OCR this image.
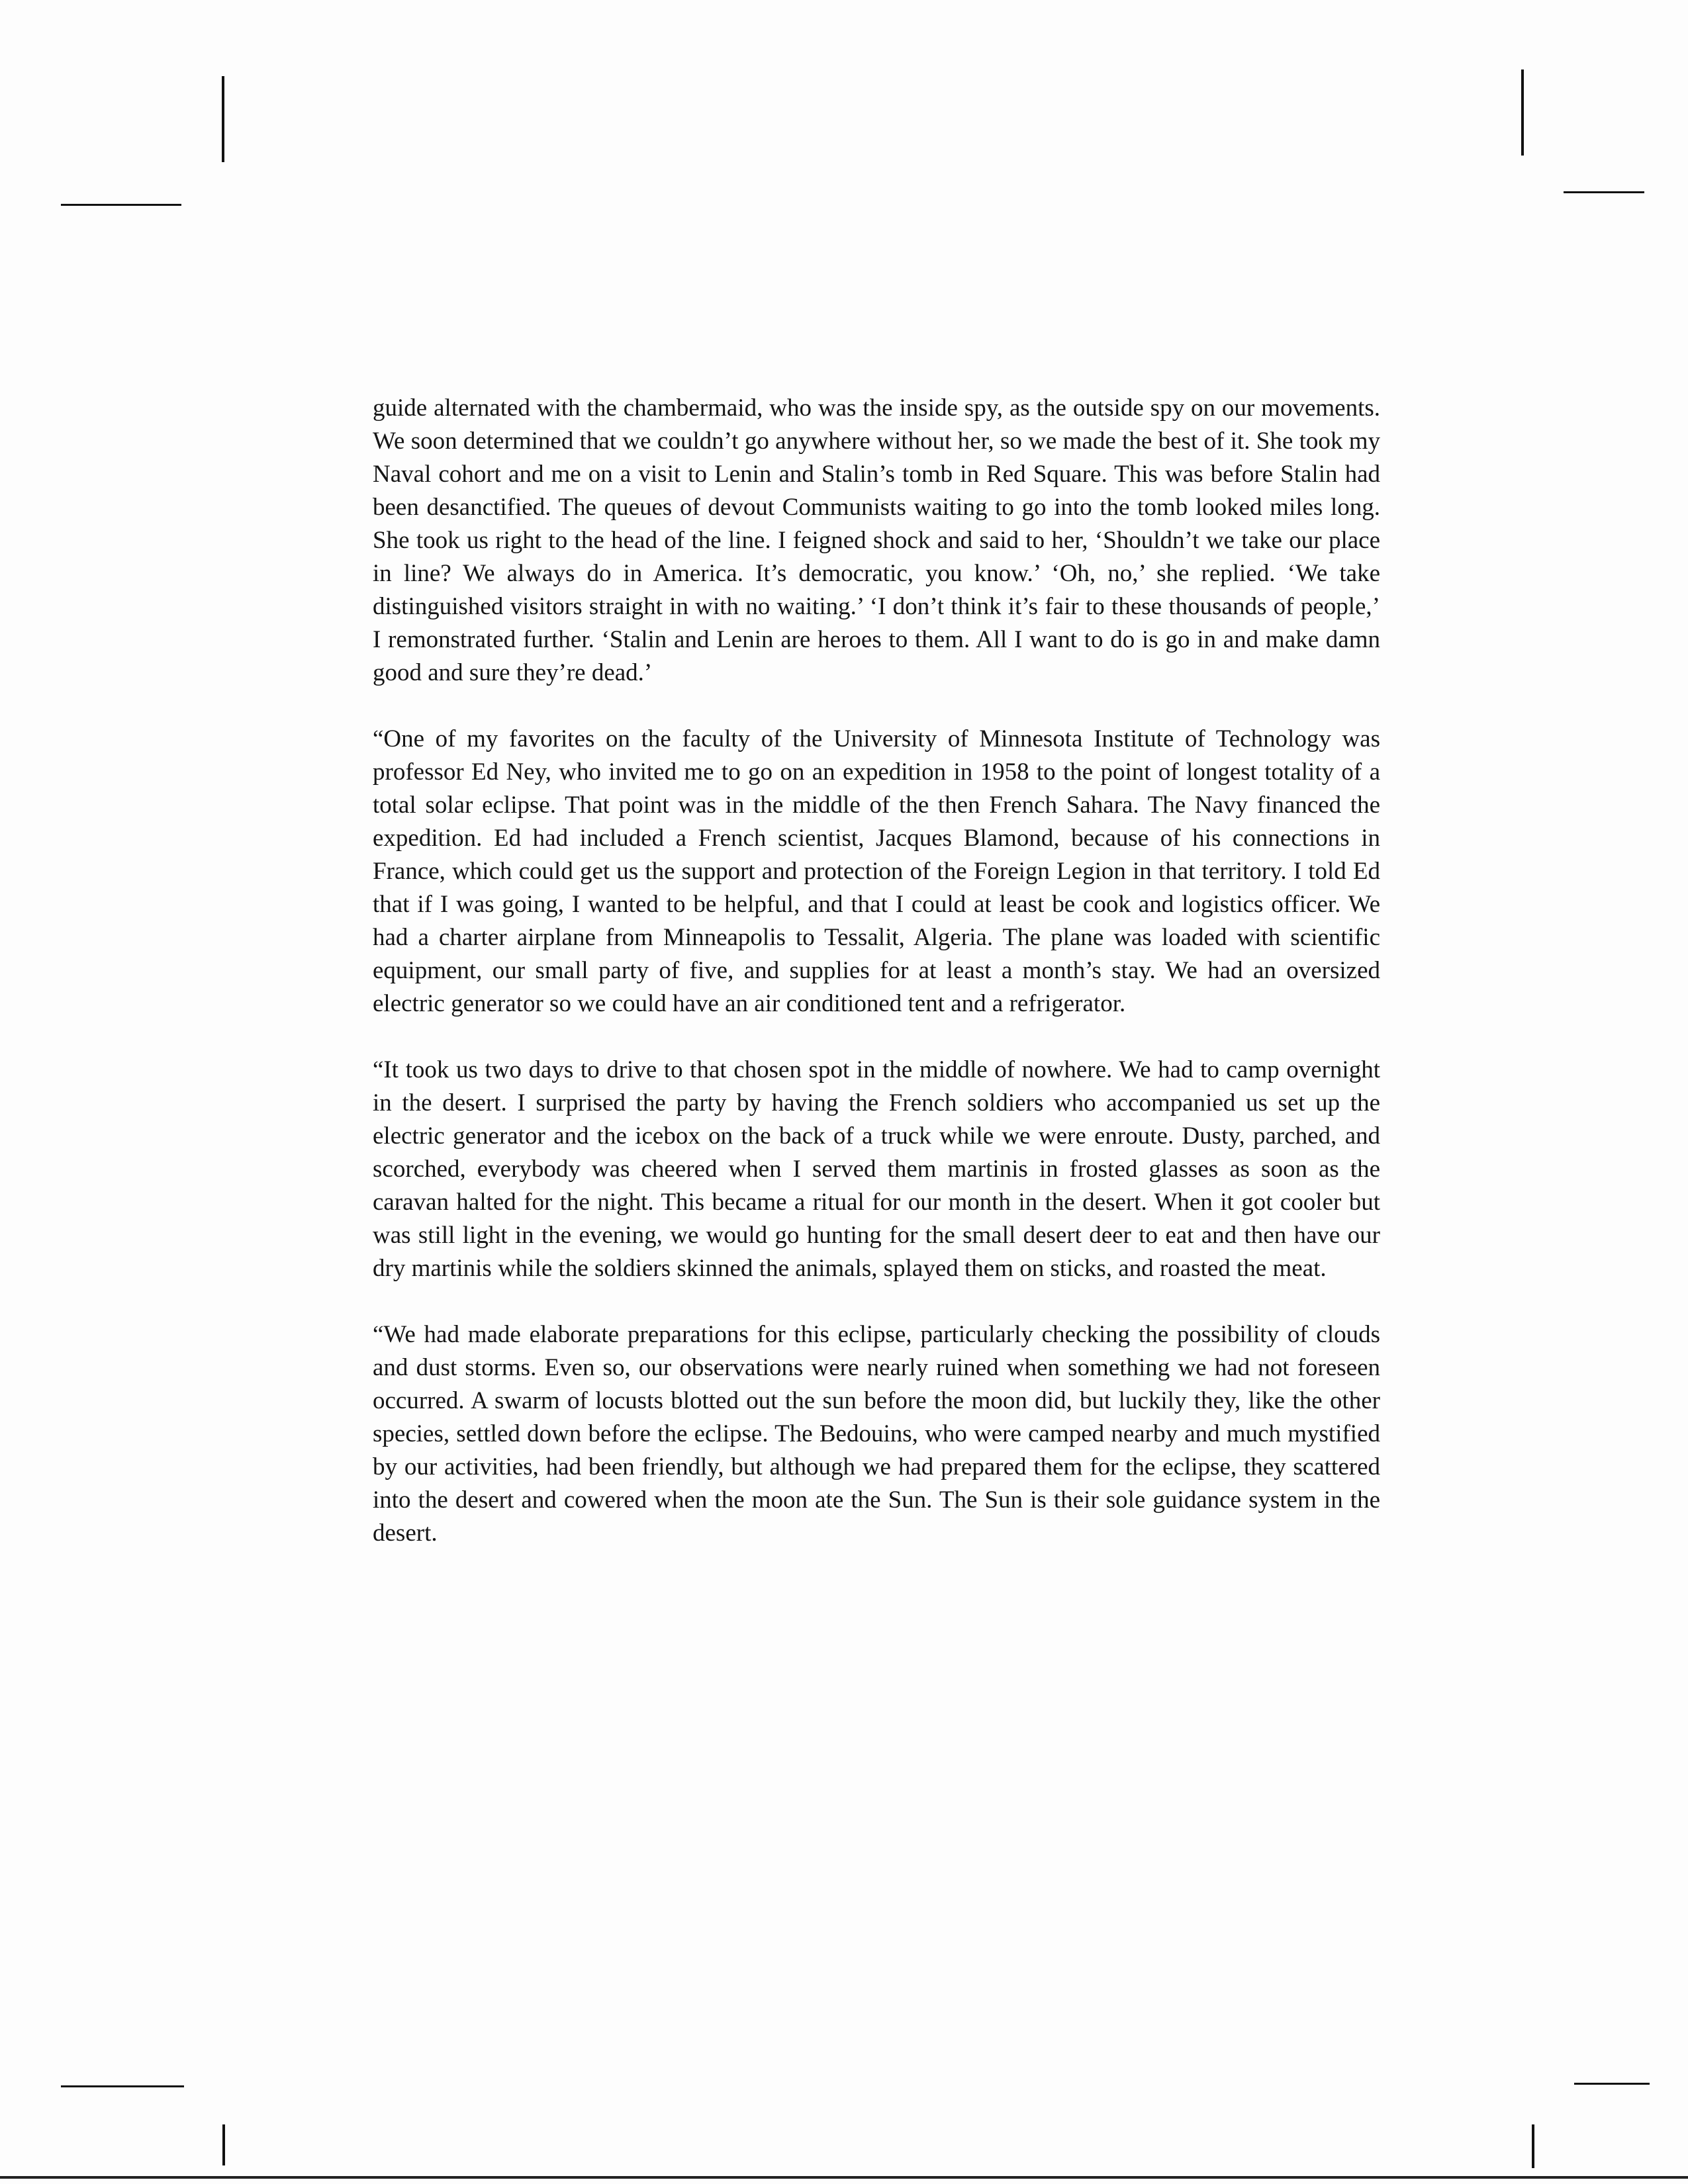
guide alternated with the chambermaid, who was the inside spy, as the outside spy on our movements. We soon determined that we couldn’t go anywhere without her, so we made the best of it. She took my Naval cohort and me on a visit to Lenin and Stalin’s tomb in Red Square. This was before Stalin had been desanctified. The queues of devout Communists waiting to go into the tomb looked miles long. She took us right to the head of the line. I feigned shock and said to her, ‘Shouldn’t we take our place in line? We always do in America. It’s democratic, you know.’ ‘Oh, no,’ she replied. ‘We take distinguished visitors straight in with no waiting.’ ‘I don’t think it’s fair to these thousands of people,’ I remonstrated further. ‘Stalin and Lenin are heroes to them. All I want to do is go in and make damn good and sure they’re dead.’

“One of my favorites on the faculty of the University of Minnesota Institute of Technology was professor Ed Ney, who invited me to go on an expedition in 1958 to the point of longest totality of a total solar eclipse. That point was in the middle of the then French Sahara. The Navy financed the expedition. Ed had included a French scientist, Jacques Blamond, because of his connections in France, which could get us the support and protection of the Foreign Legion in that territory. I told Ed that if I was going, I wanted to be helpful, and that I could at least be cook and logistics officer. We had a charter airplane from Minneapolis to Tessalit, Algeria. The plane was loaded with scientific equipment, our small party of five, and supplies for at least a month’s stay. We had an oversized electric generator so we could have an air conditioned tent and a refrigerator.

“It took us two days to drive to that chosen spot in the middle of nowhere. We had to camp overnight in the desert. I surprised the party by having the French soldiers who accompanied us set up the electric generator and the icebox on the back of a truck while we were enroute. Dusty, parched, and scorched, everybody was cheered when I served them martinis in frosted glasses as soon as the caravan halted for the night. This became a ritual for our month in the desert. When it got cooler but was still light in the evening, we would go hunting for the small desert deer to eat and then have our dry martinis while the soldiers skinned the animals, splayed them on sticks, and roasted the meat.

“We had made elaborate preparations for this eclipse, particularly checking the possibility of clouds and dust storms. Even so, our observations were nearly ruined when something we had not foreseen occurred. A swarm of locusts blotted out the sun before the moon did, but luckily they, like the other species, settled down before the eclipse. The Bedouins, who were camped nearby and much mystified by our activities, had been friendly, but although we had prepared them for the eclipse, they scattered into the desert and cowered when the moon ate the Sun. The Sun is their sole guidance system in the desert.
